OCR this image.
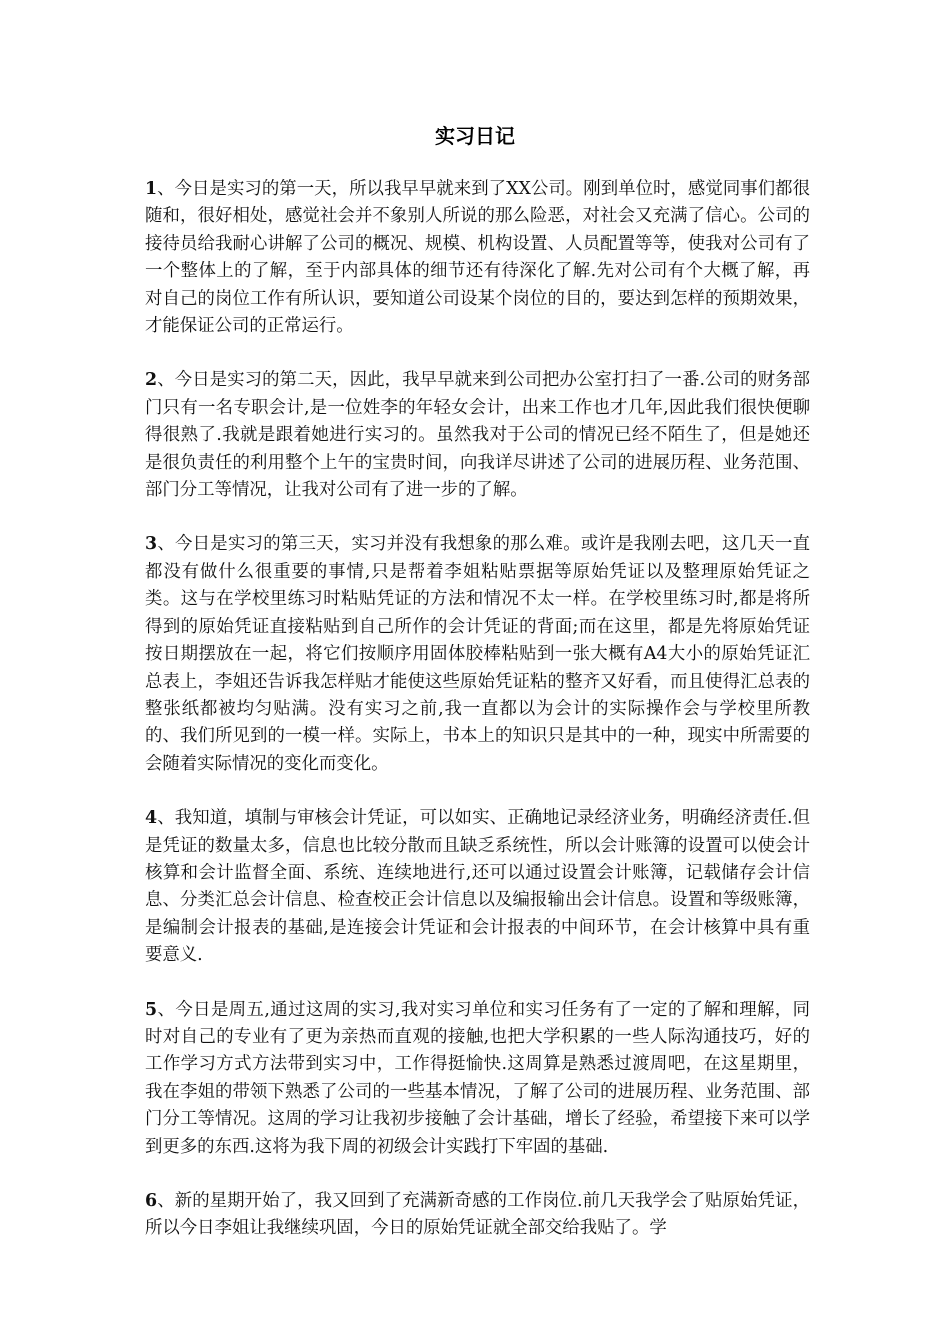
实习日记

1、今日是实习的第一天，所以我早早就来到了XX公司。刚到单位时，感觉同事们都很随和，很好相处，感觉社会并不象别人所说的那么险恶，对社会又充满了信心。公司的接待员给我耐心讲解了公司的概况、规模、机构设置、人员配置等等，使我对公司有了一个整体上的了解，至于内部具体的细节还有待深化了解.先对公司有个大概了解，再对自己的岗位工作有所认识，要知道公司设某个岗位的目的，要达到怎样的预期效果，才能保证公司的正常运行。

2、今日是实习的第二天，因此，我早早就来到公司把办公室打扫了一番.公司的财务部门只有一名专职会计,是一位姓李的年轻女会计，出来工作也才几年,因此我们很快便聊得很熟了.我就是跟着她进行实习的。虽然我对于公司的情况已经不陌生了，但是她还是很负责任的利用整个上午的宝贵时间，向我详尽讲述了公司的进展历程、业务范围、部门分工等情况，让我对公司有了进一步的了解。

3、今日是实习的第三天，实习并没有我想象的那么难。或许是我刚去吧，这几天一直都没有做什么很重要的事情,只是帮着李姐粘贴票据等原始凭证以及整理原始凭证之类。这与在学校里练习时粘贴凭证的方法和情况不太一样。在学校里练习时,都是将所得到的原始凭证直接粘贴到自己所作的会计凭证的背面;而在这里，都是先将原始凭证按日期摆放在一起，将它们按顺序用固体胶棒粘贴到一张大概有A4大小的原始凭证汇总表上，李姐还告诉我怎样贴才能使这些原始凭证粘的整齐又好看，而且使得汇总表的整张纸都被均匀贴满。没有实习之前,我一直都以为会计的实际操作会与学校里所教的、我们所见到的一模一样。实际上，书本上的知识只是其中的一种，现实中所需要的会随着实际情况的变化而变化。

4、我知道，填制与审核会计凭证，可以如实、正确地记录经济业务，明确经济责任.但是凭证的数量太多，信息也比较分散而且缺乏系统性，所以会计账簿的设置可以使会计核算和会计监督全面、系统、连续地进行,还可以通过设置会计账簿，记载储存会计信息、分类汇总会计信息、检查校正会计信息以及编报输出会计信息。设置和等级账簿，是编制会计报表的基础,是连接会计凭证和会计报表的中间环节，在会计核算中具有重要意义.

5、今日是周五,通过这周的实习,我对实习单位和实习任务有了一定的了解和理解，同时对自己的专业有了更为亲热而直观的接触,也把大学积累的一些人际沟通技巧，好的工作学习方式方法带到实习中，工作得挺愉快.这周算是熟悉过渡周吧，在这星期里，我在李姐的带领下熟悉了公司的一些基本情况，了解了公司的进展历程、业务范围、部门分工等情况。这周的学习让我初步接触了会计基础，增长了经验，希望接下来可以学到更多的东西.这将为我下周的初级会计实践打下牢固的基础.

6、新的星期开始了，我又回到了充满新奇感的工作岗位.前几天我学会了贴原始凭证，所以今日李姐让我继续巩固，今日的原始凭证就全部交给我贴了。学
